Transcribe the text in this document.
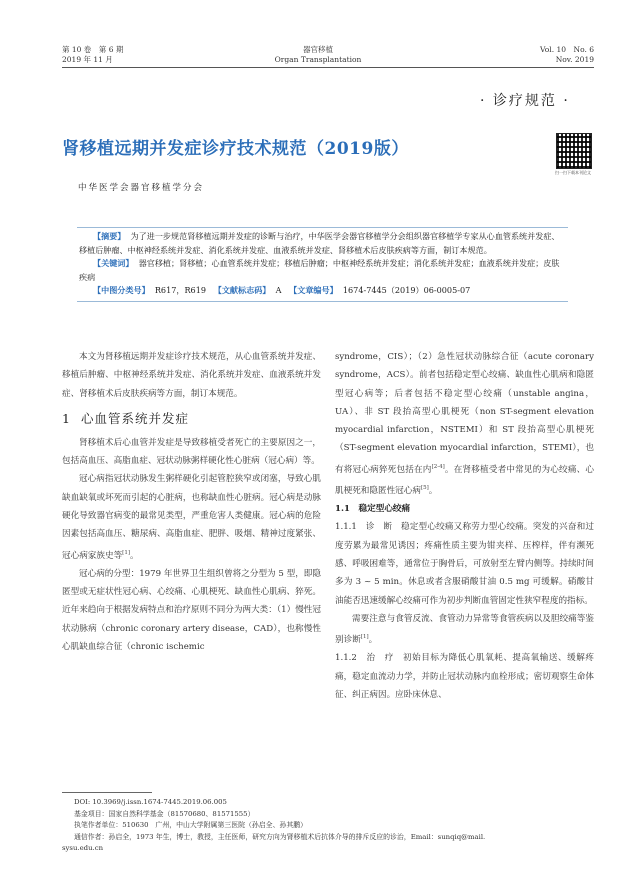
第 10 卷　第 6 期
2019 年 11 月
器官移植
Organ Transplantation
Vol. 10　No. 6
Nov. 2019
· 诊疗规范 ·
肾移植远期并发症诊疗技术规范（2019版）
扫一扫下载本刊论文
中华医学会器官移植学分会

【摘要】 为了进一步规范肾移植远期并发症的诊断与治疗，中华医学会器官移植学分会组织器官移植学专家从心血管系统并发症、移植后肿瘤、中枢神经系统并发症、消化系统并发症、血液系统并发症、肾移植术后皮肤疾病等方面，制订本规范。

【关键词】 器官移植；肾移植；心血管系统并发症；移植后肿瘤；中枢神经系统并发症；消化系统并发症；血液系统并发症；皮肤疾病

【中图分类号】 R617，R619 【文献标志码】 A 【文章编号】 1674-7445（2019）06-0005-07

本文为肾移植远期并发症诊疗技术规范，从心血管系统并发症、移植后肿瘤、中枢神经系统并发症、消化系统并发症、血液系统并发症、肾移植术后皮肤疾病等方面，制订本规范。

1 心血管系统并发症

肾移植术后心血管并发症是导致移植受者死亡的主要原因之一，包括高血压、高脂血症、冠状动脉粥样硬化性心脏病（冠心病）等。

冠心病指冠状动脉发生粥样硬化引起管腔狭窄或闭塞，导致心肌缺血缺氧或坏死而引起的心脏病，也称缺血性心脏病。冠心病是动脉硬化导致器官病变的最常见类型，严重危害人类健康。冠心病的危险因素包括高血压、糖尿病、高脂血症、肥胖、吸烟、精神过度紧张、冠心病家族史等[1]。

冠心病的分型：1979 年世界卫生组织曾将之分型为 5 型，即隐匿型或无症状性冠心病、心绞痛、心肌梗死、缺血性心肌病、猝死。近年来趋向于根据发病特点和治疗原则不同分为两大类：（1）慢性冠状动脉病（chronic coronary artery disease，CAD），也称慢性心肌缺血综合征（chronic ischemic

syndrome，CIS）；（2）急性冠状动脉综合征（acute coronary syndrome，ACS）。前者包括稳定型心绞痛、缺血性心肌病和隐匿型冠心病等；后者包括不稳定型心绞痛（unstable angina，UA）、非 ST 段抬高型心肌梗死（non ST-segment elevation myocardial infarction，NSTEMI）和 ST 段抬高型心肌梗死（ST-segment elevation myocardial infarction，STEMI），也有将冠心病猝死包括在内[2-4]。在肾移植受者中常见的为心绞痛、心肌梗死和隐匿性冠心病[5]。

1.1　稳定型心绞痛

1.1.1　诊　断　稳定型心绞痛又称劳力型心绞痛。突发的兴奋和过度劳累为最常见诱因；疼痛性质主要为钳夹样、压榨样，伴有濒死感、呼吸困难等，通常位于胸骨后，可放射至左臂内侧等。持续时间多为 3 ~ 5 min。休息或者含服硝酸甘油 0.5 mg 可缓解。硝酸甘油能否迅速缓解心绞痛可作为初步判断血管固定性狭窄程度的指标。

需要注意与食管反流、食管动力异常等食管疾病以及胆绞痛等鉴别诊断[1]。

1.1.2　治　疗　初始目标为降低心肌氧耗、提高氧输送、缓解疼痛，稳定血流动力学，并防止冠状动脉内血栓形成；密切观察生命体征、纠正病因。应卧床休息、

DOI: 10.3969/j.issn.1674-7445.2019.06.005

基金项目：国家自然科学基金（81570680、81571555）

执笔作者单位：510630　广州，中山大学附属第三医院（孙启全、孙其鹏）

通信作者：孙启全，1973 年生，博士，教授，主任医师，研究方向为肾移植术后抗体介导的排斥反应的诊治，Email：sunqiq@mail.

sysu.edu.cn
